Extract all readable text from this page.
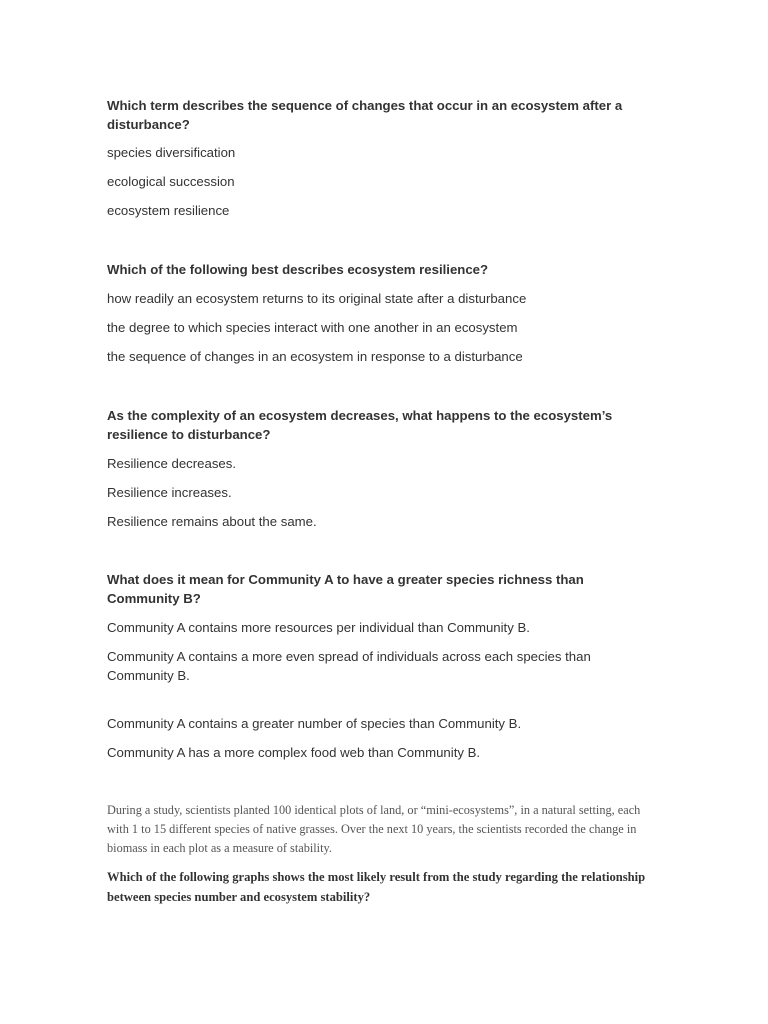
Which term describes the sequence of changes that occur in an ecosystem after a disturbance?

species diversification

ecological succession

ecosystem resilience

Which of the following best describes ecosystem resilience?

how readily an ecosystem returns to its original state after a disturbance

the degree to which species interact with one another in an ecosystem

the sequence of changes in an ecosystem in response to a disturbance

As the complexity of an ecosystem decreases, what happens to the ecosystem’s resilience to disturbance?

Resilience decreases.

Resilience increases.

Resilience remains about the same.

What does it mean for Community A to have a greater species richness than Community B?

Community A contains more resources per individual than Community B.

Community A contains a more even spread of individuals across each species than Community B.

Community A contains a greater number of species than Community B.

Community A has a more complex food web than Community B.

During a study, scientists planted 100 identical plots of land, or “mini-ecosystems”, in a natural setting, each with 1 to 15 different species of native grasses. Over the next 10 years, the scientists recorded the change in biomass in each plot as a measure of stability.

Which of the following graphs shows the most likely result from the study regarding the relationship between species number and ecosystem stability?
